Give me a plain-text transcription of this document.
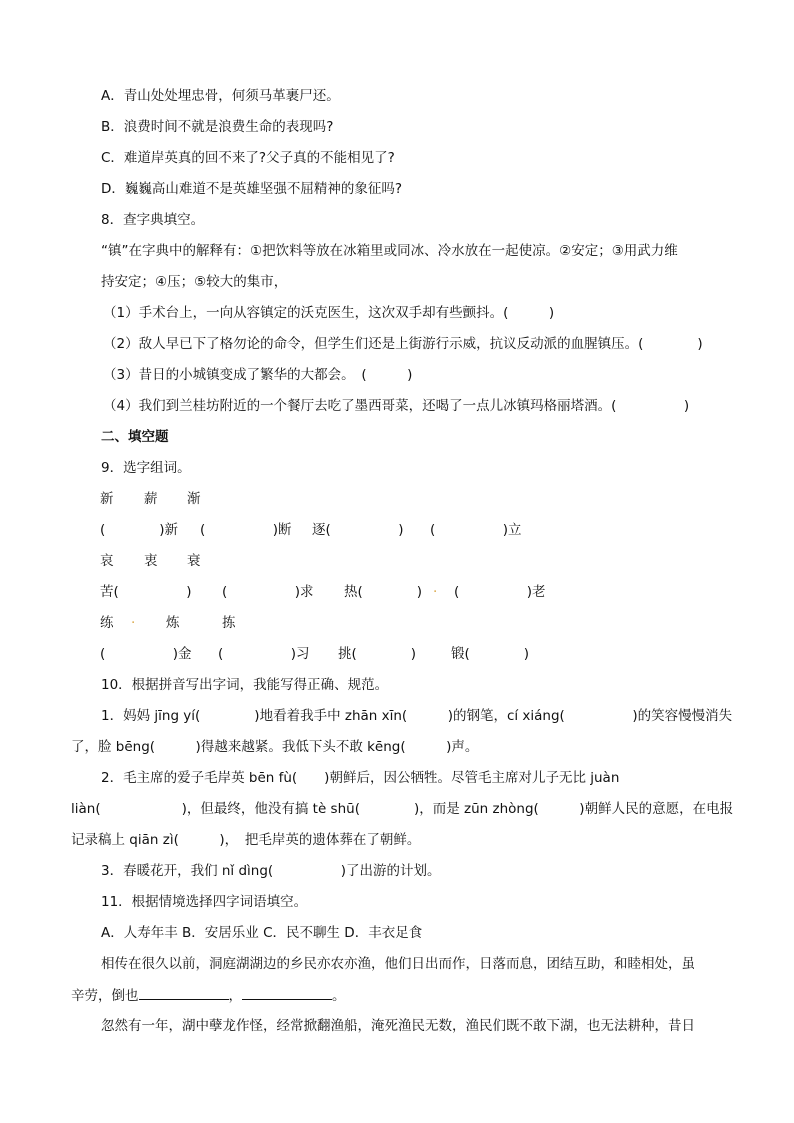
A．青山处处埋忠骨，何须马革裹尸还。
B．浪费时间不就是浪费生命的表现吗?
C．难道岸英真的回不来了?父子真的不能相见了?
D．巍巍高山难道不是英雄坚强不屈精神的象征吗?
8．查字典填空。
“镇”在字典中的解释有：①把饮料等放在冰箱里或同冰、冷水放在一起使凉。②安定；③用武力维
持安定；④压；⑤较大的集市，
（1）手术台上，一向从容镇定的沃克医生，这次双手却有些颤抖。(　　　)
（2）敌人早已下了格勿论的命令，但学生们还是上街游行示威，抗议反动派的血腥镇压。(　　　　)
（3）昔日的小城镇变成了繁华的大都会。　(　　　)
（4）我们到兰桂坊附近的一个餐厅去吃了墨西哥菜，还喝了一点儿冰镇玛格丽塔酒。(　　　　　)
二、填空题
9．选字组词。
新 薪 渐
(　　　　)新 (　　　　　)断 逐(　　　　　) (　　　　　)立
哀 衷 衰
苦(　　　　　) (　　　　　)求 热(　　　　) · (　　　　　)老
练 · 炼	拣
(　　　　　)金 (　　　　　)习 挑(　　　　)	锻(　　　　)
10．根据拼音写出字词，我能写得正确、规范。
1．妈妈 jīng yí(　　　　)地看着我手中 zhān xīn(　　　)的钢笔，cí xiáng(　　　　　)的笑容慢慢消失
了，脸 bēng(　　　)得越来越紧。我低下头不敢 kēng(　　　)声。
2．毛主席的爱子毛岸英 bēn fù(　　)朝鲜后，因公牺牲。尽管毛主席对儿子无比 juàn
liàn(　　　　　　)，但最终，他没有搞 tè shū(　　　　)，而是 zūn zhòng(　　　)朝鲜人民的意愿，在电报
记录稿上 qiān zì(　　　)，　把毛岸英的遗体葬在了朝鲜。
3．春暖花开，我们 nǐ dìng(　　　　　)了出游的计划。
11．根据情境选择四字词语填空。
A．人寿年丰 B．安居乐业 C．民不聊生 D．丰衣足食
相传在很久以前，洞庭湖湖边的乡民亦农亦渔，他们日出而作，日落而息，团结互助，和睦相处，虽
辛劳，倒也	，	。
忽然有一年，湖中孽龙作怪，经常掀翻渔船，淹死渔民无数，渔民们既不敢下湖，也无法耕种，昔日
